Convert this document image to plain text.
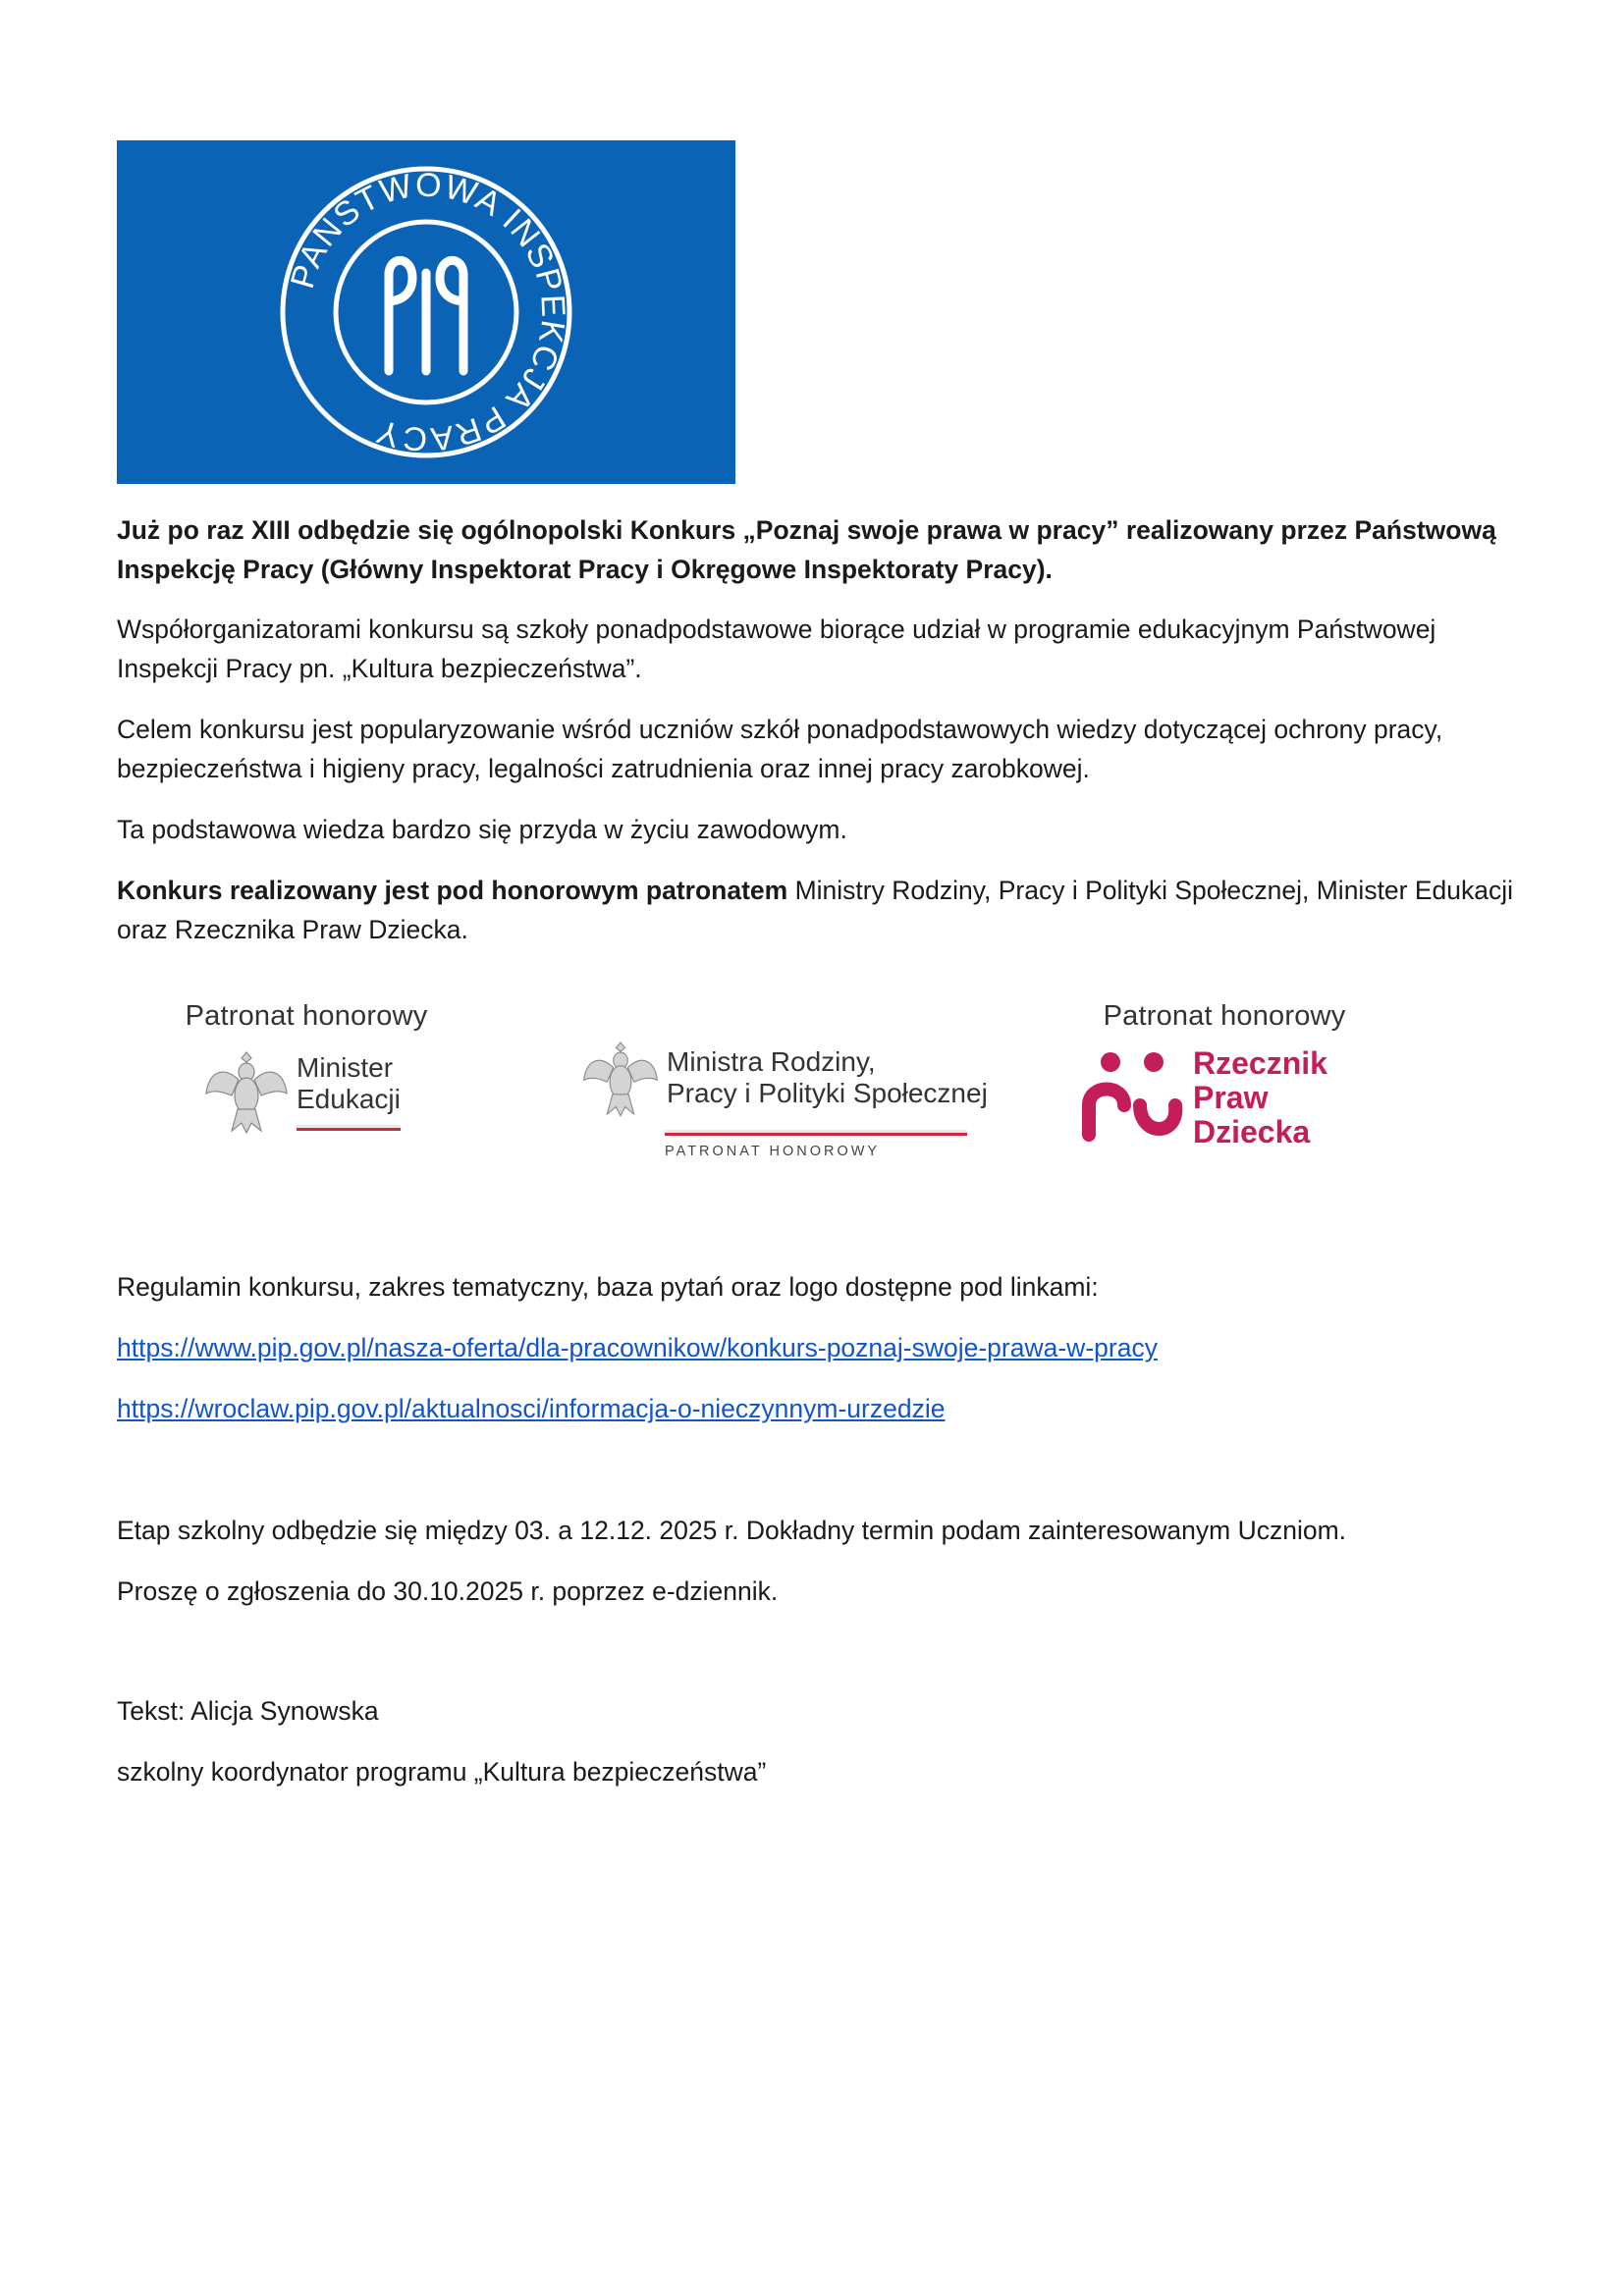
PAŃSTWOWA INSPEKCJA PRACY

Już po raz XIII odbędzie się ogólnopolski Konkurs „Poznaj swoje prawa w pracy” realizowany przez Państwową Inspekcję Pracy (Główny Inspektorat Pracy i Okręgowe Inspektoraty Pracy).

Współorganizatorami konkursu są szkoły ponadpodstawowe biorące udział w programie edukacyjnym Państwowej Inspekcji Pracy pn. „Kultura bezpieczeństwa”.

Celem konkursu jest popularyzowanie wśród uczniów szkół ponadpodstawowych wiedzy dotyczącej ochrony pracy, bezpieczeństwa i higieny pracy, legalności zatrudnienia oraz innej pracy zarobkowej.

Ta podstawowa wiedza bardzo się przyda w życiu zawodowym.

Konkurs realizowany jest pod honorowym patronatem Ministry Rodziny, Pracy i Polityki Społecznej, Minister Edukacji oraz Rzecznika Praw Dziecka.

Patronat honorowy
Minister
Edukacji
Ministra Rodziny,
Pracy i Polityki Społecznej
PATRONAT HONOROWY
Patronat honorowy
Rzecznik
Praw Dziecka

Regulamin konkursu, zakres tematyczny, baza pytań oraz logo dostępne pod linkami:

https://www.pip.gov.pl/nasza-oferta/dla-pracownikow/konkurs-poznaj-swoje-prawa-w-pracy
https://wroclaw.pip.gov.pl/aktualnosci/informacja-o-nieczynnym-urzedzie

Etap szkolny odbędzie się między 03. a 12.12. 2025 r. Dokładny termin podam zainteresowanym Uczniom.

Proszę o zgłoszenia do 30.10.2025 r. poprzez e-dziennik.

Tekst: Alicja Synowska

szkolny koordynator programu „Kultura bezpieczeństwa”
